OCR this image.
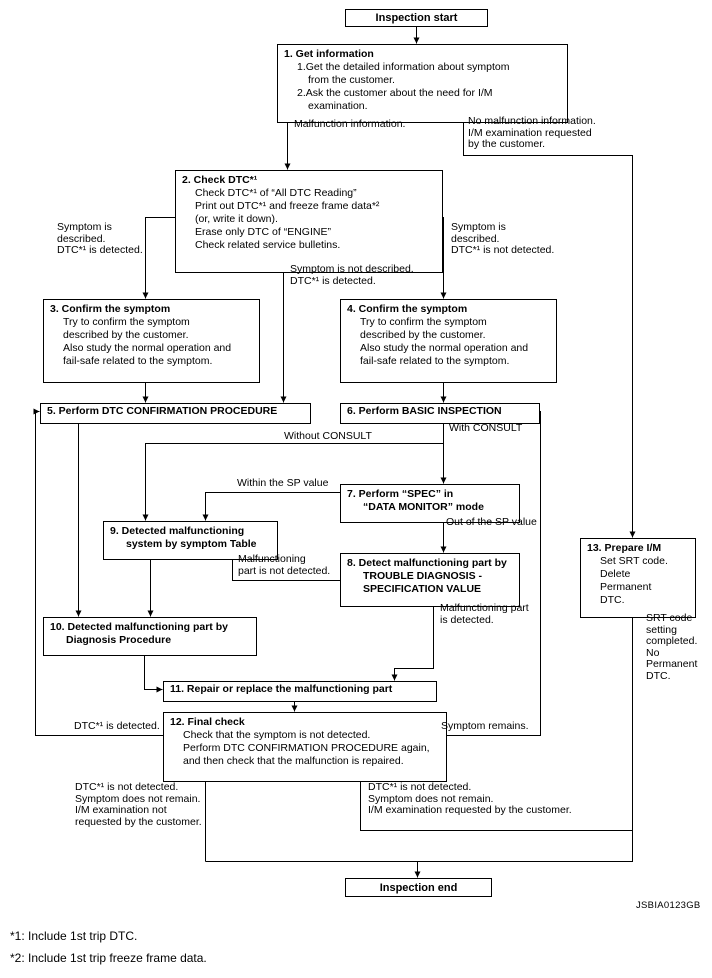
Inspection start
Inspection end
1. Get information
1.Get the detailed information about symptom
from the customer.
2.Ask the customer about the need for I/M
examination.
2. Check DTC*¹
Check DTC*¹ of “All DTC Reading”
Print out DTC*¹ and freeze frame data*²
(or, write it down).
Erase only DTC of “ENGINE”
Check related service bulletins.
3. Confirm the symptom
Try to confirm the symptom
described by the customer.
Also study the normal operation and
fail-safe related to the symptom.
4. Confirm the symptom
Try to confirm the symptom
described by the customer.
Also study the normal operation and
fail-safe related to the symptom.
5. Perform DTC CONFIRMATION PROCEDURE	6. Perform BASIC INSPECTION
7. Perform “SPEC” in
“DATA MONITOR” mode
9. Detected malfunctioning
system by symptom Table
8. Detect malfunctioning part by
TROUBLE DIAGNOSIS -
SPECIFICATION VALUE
13. Prepare I/M
Set SRT code.
Delete
Permanent
DTC.
10. Detected malfunctioning part by
Diagnosis Procedure
11. Repair or replace the malfunctioning part
12. Final check
Check that the symptom is not detected.
Perform DTC CONFIRMATION PROCEDURE again,
and then check that the malfunction is repaired.
Malfunction information.	No malfunction information.
I/M examination requested
by the customer.
Symptom is
described.
DTC*¹ is detected.
Symptom is not described.
DTC*¹ is detected.
Symptom is
described.
DTC*¹ is not detected.
Without CONSULT
With CONSULT
Within the SP value
Out of the SP value
Malfunctioning
part is not detected.
Malfunctioning part
is detected.	SRT code
setting
completed.
No
Permanent
DTC.
DTC*¹ is detected.	Symptom remains.
DTC*¹ is not detected.
Symptom does not remain.
I/M examination not
requested by the customer.
DTC*¹ is not detected.
Symptom does not remain.
I/M examination requested by the customer.
JSBIA0123GB
*1: Include 1st trip DTC.
*2: Include 1st trip freeze frame data.
